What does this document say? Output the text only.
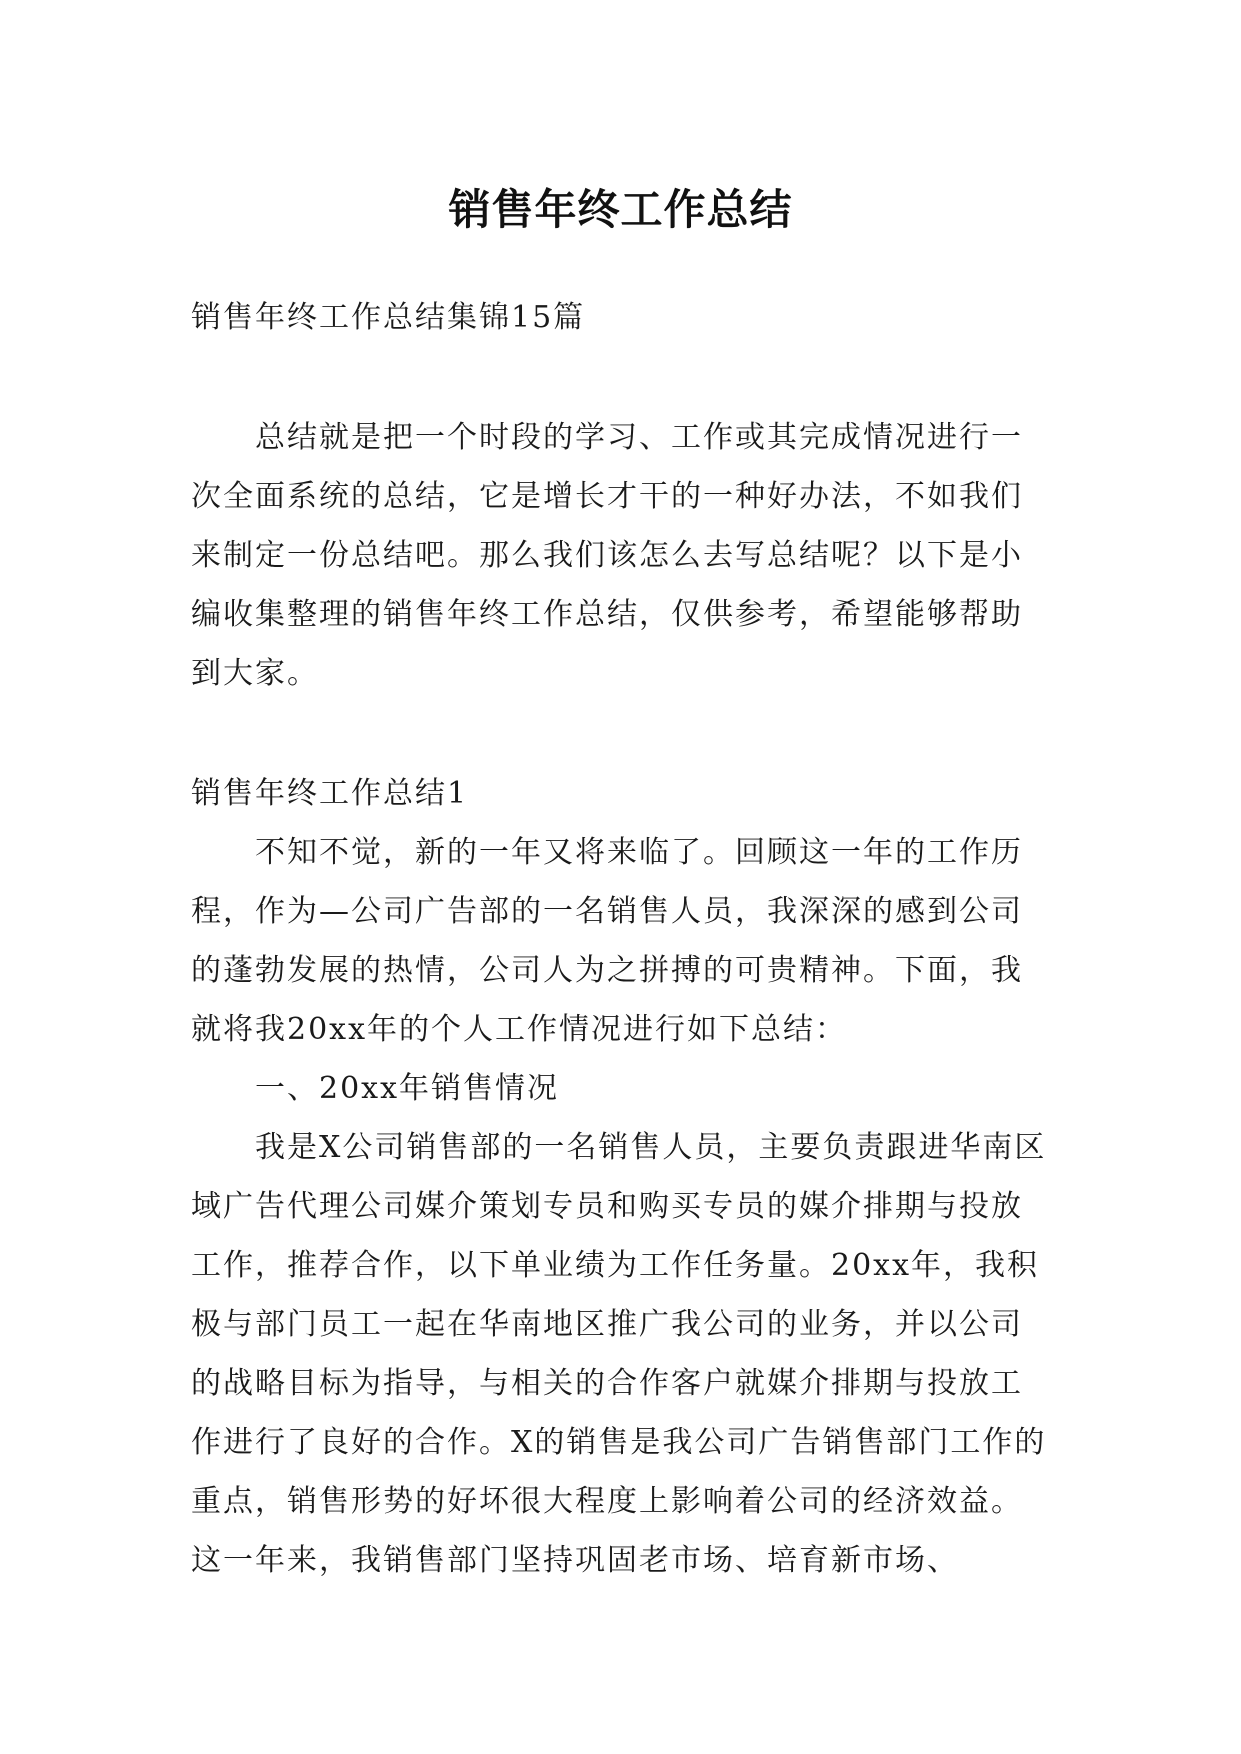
销售年终工作总结

销售年终工作总结集锦15篇

总结就是把一个时段的学习、工作或其完成情况进行一次全面系统的总结，它是增长才干的一种好办法，不如我们来制定一份总结吧。那么我们该怎么去写总结呢？以下是小编收集整理的销售年终工作总结，仅供参考，希望能够帮助到大家。

销售年终工作总结1

不知不觉，新的一年又将来临了。回顾这一年的工作历程，作为—公司广告部的一名销售人员，我深深的感到公司的蓬勃发展的热情，公司人为之拼搏的可贵精神。下面，我就将我20xx年的个人工作情况进行如下总结：

一、20xx年销售情况

我是X公司销售部的一名销售人员，主要负责跟进华南区域广告代理公司媒介策划专员和购买专员的媒介排期与投放工作，推荐合作，以下单业绩为工作任务量。20xx年，我积极与部门员工一起在华南地区推广我公司的业务，并以公司的战略目标为指导，与相关的合作客户就媒介排期与投放工作进行了良好的合作。X的销售是我公司广告销售部门工作的重点，销售形势的好坏很大程度上影响着公司的经济效益。这一年来，我销售部门坚持巩固老市场、培育新市场、
